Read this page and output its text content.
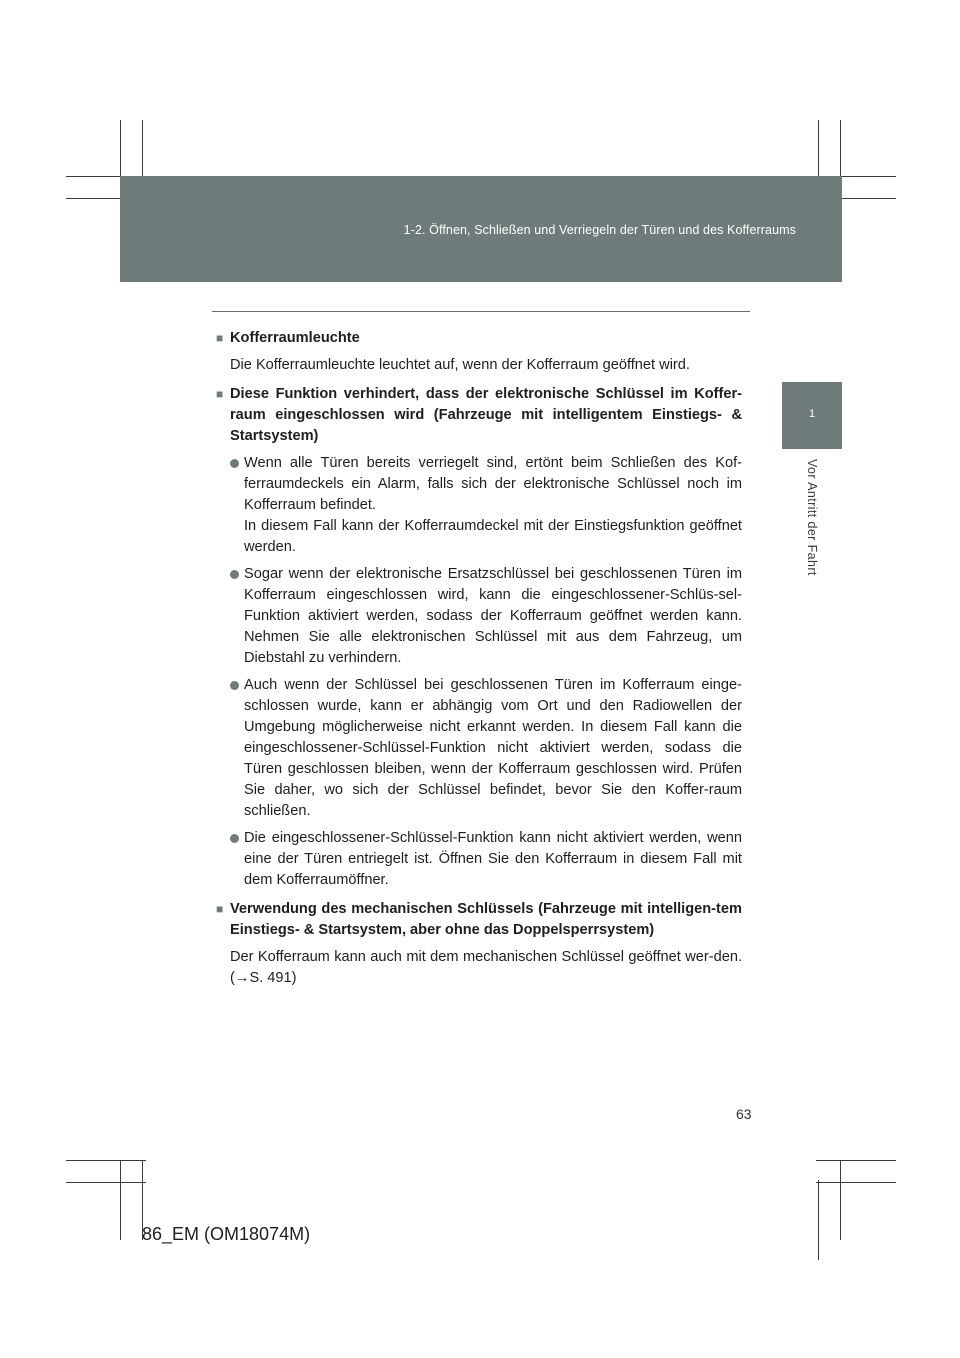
1-2. Öffnen, Schließen und Verriegeln der Türen und des Kofferraums
1
Vor Antritt der Fahrt
■ Kofferraumleuchte
Die Kofferraumleuchte leuchtet auf, wenn der Kofferraum geöffnet wird.
■ Diese Funktion verhindert, dass der elektronische Schlüssel im Koffer-raum eingeschlossen wird (Fahrzeuge mit intelligentem Einstiegs- & Startsystem)
Wenn alle Türen bereits verriegelt sind, ertönt beim Schließen des Kof-ferraumdeckels ein Alarm, falls sich der elektronische Schlüssel noch im Kofferraum befindet.
In diesem Fall kann der Kofferraumdeckel mit der Einstiegsfunktion geöffnet werden.
Sogar wenn der elektronische Ersatzschlüssel bei geschlossenen Türen im Kofferraum eingeschlossen wird, kann die eingeschlossener-Schlüs-sel-Funktion aktiviert werden, sodass der Kofferraum geöffnet werden kann. Nehmen Sie alle elektronischen Schlüssel mit aus dem Fahrzeug, um Diebstahl zu verhindern.
Auch wenn der Schlüssel bei geschlossenen Türen im Kofferraum einge-schlossen wurde, kann er abhängig vom Ort und den Radiowellen der Umgebung möglicherweise nicht erkannt werden. In diesem Fall kann die eingeschlossener-Schlüssel-Funktion nicht aktiviert werden, sodass die Türen geschlossen bleiben, wenn der Kofferraum geschlossen wird. Prüfen Sie daher, wo sich der Schlüssel befindet, bevor Sie den Koffer-raum schließen.
Die eingeschlossener-Schlüssel-Funktion kann nicht aktiviert werden, wenn eine der Türen entriegelt ist. Öffnen Sie den Kofferraum in diesem Fall mit dem Kofferraumöffner.
■ Verwendung des mechanischen Schlüssels (Fahrzeuge mit intelligen-tem Einstiegs- & Startsystem, aber ohne das Doppelsperrsystem)
Der Kofferraum kann auch mit dem mechanischen Schlüssel geöffnet wer-den. (→S. 491)
63
86_EM (OM18074M)
